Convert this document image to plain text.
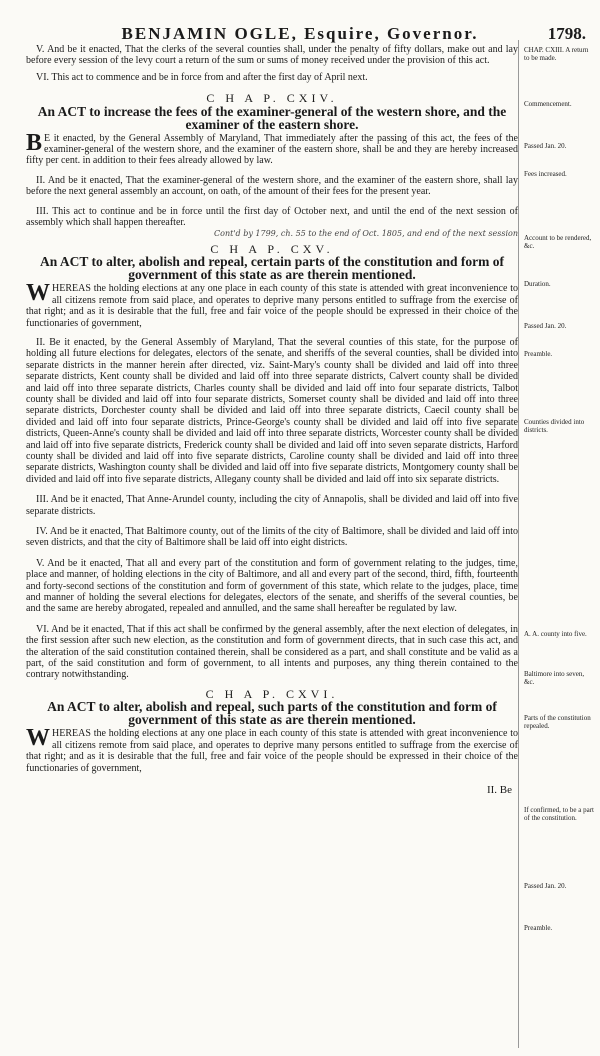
BENJAMIN OGLE, Esquire, Governor.	1798.

V. And be it enacted, That the clerks of the several counties shall, under the penalty of fifty dollars, make out and lay before every session of the levy court a return of the sum or sums of money received under the provision of this act.

VI. This act to commence and be in force from and after the first day of April next.

C H A P. CXIV.

An ACT to increase the fees of the examiner-general of the western shore, and the examiner of the eastern shore.

B E it enacted, by the General Assembly of Maryland, That immediately after the passing of this act, the fees of the examiner-general of the western shore, and the examiner of the eastern shore, shall be and they are hereby increased fifty per cent. in addition to their fees already allowed by law.

II. And be it enacted, That the examiner-general of the western shore, and the examiner of the eastern shore, shall lay before the next general assembly an account, on oath, of the amount of their fees for the present year.

III. This act to continue and be in force until the first day of October next, and until the end of the next session of assembly which shall happen thereafter.

Cont'd by 1799, ch. 55 to the end of Oct. 1805, and end of the next session

C H A P. CXV.

An ACT to alter, abolish and repeal, certain parts of the constitution and form of government of this state as are therein mentioned.

WHEREAS the holding elections at any one place in each county of this state is attended with great inconvenience to all citizens remote from said place, and operates to deprive many persons entitled to suffrage from the exercise of that right; and as it is desirable that the full, free and fair voice of the people should be expressed in their choice of the functionaries of government,

II. Be it enacted, by the General Assembly of Maryland, That the several counties of this state, for the purpose of holding all future elections for delegates, electors of the senate, and sheriffs of the several counties, shall be divided into separate districts in the manner herein after directed, viz. Saint-Mary's county shall be divided and laid off into three separate districts, Kent county shall be divided and laid off into three separate districts, Calvert county shall be divided and laid off into three separate districts, Charles county shall be divided and laid off into four separate districts, Talbot county shall be divided and laid off into four separate districts, Somerset county shall be divided and laid off into three separate districts, Dorchester county shall be divided and laid off into three separate districts, Caecil county shall be divided and laid off into four separate districts, Prince-George's county shall be divided and laid off into five separate districts, Queen-Anne's county shall be divided and laid off into three separate districts, Worcester county shall be divided and laid off into five separate districts, Frederick county shall be divided and laid off into seven separate districts, Harford county shall be divided and laid off into five separate districts, Caroline county shall be divided and laid off into three separate districts, Washington county shall be divided and laid off into five separate districts, Montgomery county shall be divided and laid off into five separate districts, Allegany county shall be divided and laid off into six separate districts.

III. And be it enacted, That Anne-Arundel county, including the city of Annapolis, shall be divided and laid off into five separate districts.

IV. And be it enacted, That Baltimore county, out of the limits of the city of Baltimore, shall be divided and laid off into seven districts, and that the city of Baltimore shall be laid off into eight districts.

V. And be it enacted, That all and every part of the constitution and form of government relating to the judges, time, place and manner, of holding elections in the city of Baltimore, and all and every part of the second, third, fifth, fourteenth and forty-second sections of the constitution and form of government of this state, which relate to the judges, place, time and manner of holding the several elections for delegates, electors of the senate, and sheriffs of the several counties, be and the same are hereby abrogated, repealed and annulled, and the same shall hereafter be regulated by law.

VI. And be it enacted, That if this act shall be confirmed by the general assembly, after the next election of delegates, in the first session after such new election, as the constitution and form of government directs, that in such case this act, and the alteration of the said constitution contained therein, shall be considered as a part, and shall constitute and be valid as a part, of the said constitution and form of government, to all intents and purposes, any thing therein contained to the contrary notwithstanding.

C H A P. CXVI.

An ACT to alter, abolish and repeal, such parts of the constitution and form of government of this state as are therein mentioned.

WHEREAS the holding elections at any one place in each county of this state is attended with great inconvenience to all citizens remote from said place, and operates to deprive many persons entitled to suffrage from the exercise of that right; and as it is desirable that the full, free and fair voice of the people should be expressed in their choice of the functionaries of government,

II. Be

CHAP. CXIII. A return to be made.
Commencement.
Passed Jan. 20.
Fees increased.
Account to be rendered, &c.
Duration.
Passed Jan. 20.
Preamble.
Counties divided into districts.
A. A. county into five.
Baltimore into seven, &c.
Parts of the constitution repealed.
If confirmed, to be a part of the constitution.
Passed Jan. 20.
Preamble.
